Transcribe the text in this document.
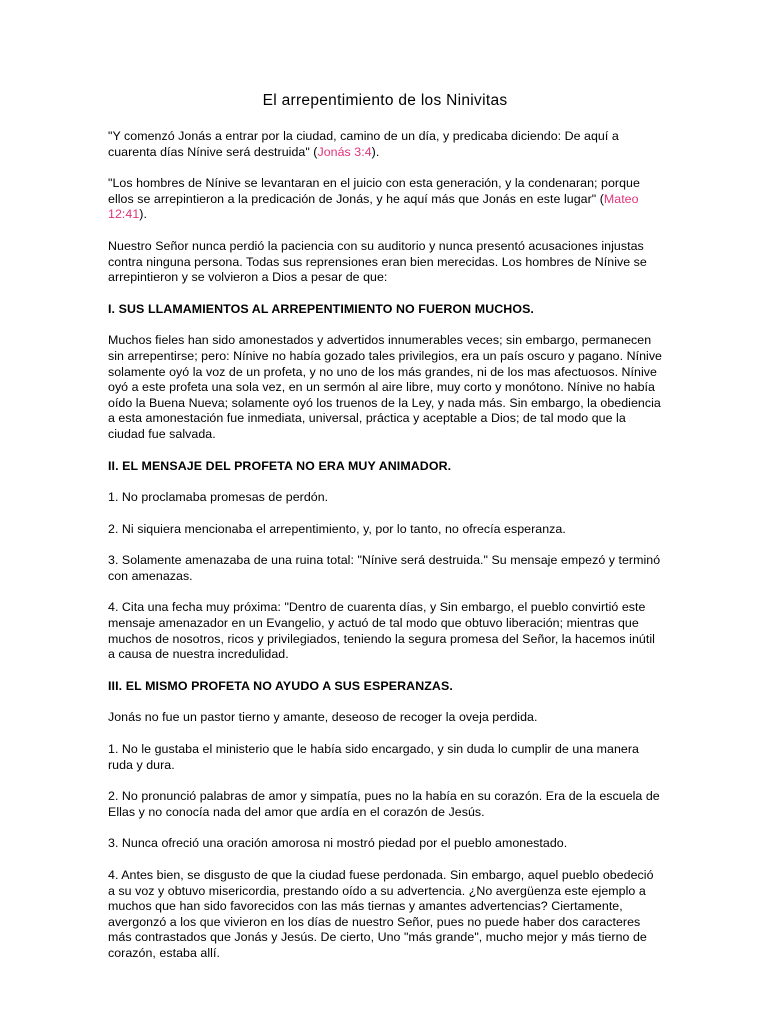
El arrepentimiento de los Ninivitas

"Y comenzó Jonás a entrar por la ciudad, camino de un día, y predicaba diciendo: De aquí a cuarenta días Nínive será destruida" (Jonás 3:4).

"Los hombres de Nínive se levantaran en el juicio con esta generación, y la condenaran; porque ellos se arrepintieron a la predicación de Jonás, y he aquí más que Jonás en este lugar" (Mateo 12:41).

Nuestro Señor nunca perdió la paciencia con su auditorio y nunca presentó acusaciones injustas contra ninguna persona. Todas sus reprensiones eran bien merecidas. Los hombres de Nínive se arrepintieron y se volvieron a Dios a pesar de que:

I. SUS LLAMAMIENTOS AL ARREPENTIMIENTO NO FUERON MUCHOS.

Muchos fieles han sido amonestados y advertidos innumerables veces; sin embargo, permanecen sin arrepentirse; pero: Nínive no había gozado tales privilegios, era un país oscuro y pagano. Nínive solamente oyó la voz de un profeta, y no uno de los más grandes, ni de los mas afectuosos. Nínive oyó a este profeta una sola vez, en un sermón al aire libre, muy corto y monótono. Nínive no había oído la Buena Nueva; solamente oyó los truenos de la Ley, y nada más. Sin embargo, la obediencia a esta amonestación fue inmediata, universal, práctica y aceptable a Dios; de tal modo que la ciudad fue salvada.

II. EL MENSAJE DEL PROFETA NO ERA MUY ANIMADOR.

1. No proclamaba promesas de perdón.

2. Ni siquiera mencionaba el arrepentimiento, y, por lo tanto, no ofrecía esperanza.

3. Solamente amenazaba de una ruina total: "Nínive será destruida." Su mensaje empezó y terminó con amenazas.

4. Cita una fecha muy próxima: "Dentro de cuarenta días, y Sin embargo, el pueblo convirtió este mensaje amenazador en un Evangelio, y actuó de tal modo que obtuvo liberación; mientras que muchos de nosotros, ricos y privilegiados, teniendo la segura promesa del Señor, la hacemos inútil a causa de nuestra incredulidad.

III. EL MISMO PROFETA NO AYUDO A SUS ESPERANZAS.

Jonás no fue un pastor tierno y amante, deseoso de recoger la oveja perdida.

1. No le gustaba el ministerio que le había sido encargado, y sin duda lo cumplir de una manera ruda y dura.

2. No pronunció palabras de amor y simpatía, pues no la había en su corazón. Era de la escuela de Ellas y no conocía nada del amor que ardía en el corazón de Jesús.

3. Nunca ofreció una oración amorosa ni mostró piedad por el pueblo amonestado.

4. Antes bien, se disgusto de que la ciudad fuese perdonada. Sin embargo, aquel pueblo obedeció a su voz y obtuvo misericordia, prestando oído a su advertencia. ¿No avergüenza este ejemplo a muchos que han sido favorecidos con las más tiernas y amantes advertencias? Ciertamente, avergonzó a los que vivieron en los días de nuestro Señor, pues no puede haber dos caracteres más contrastados que Jonás y Jesús. De cierto, Uno "más grande", mucho mejor y más tierno de corazón, estaba allí.
